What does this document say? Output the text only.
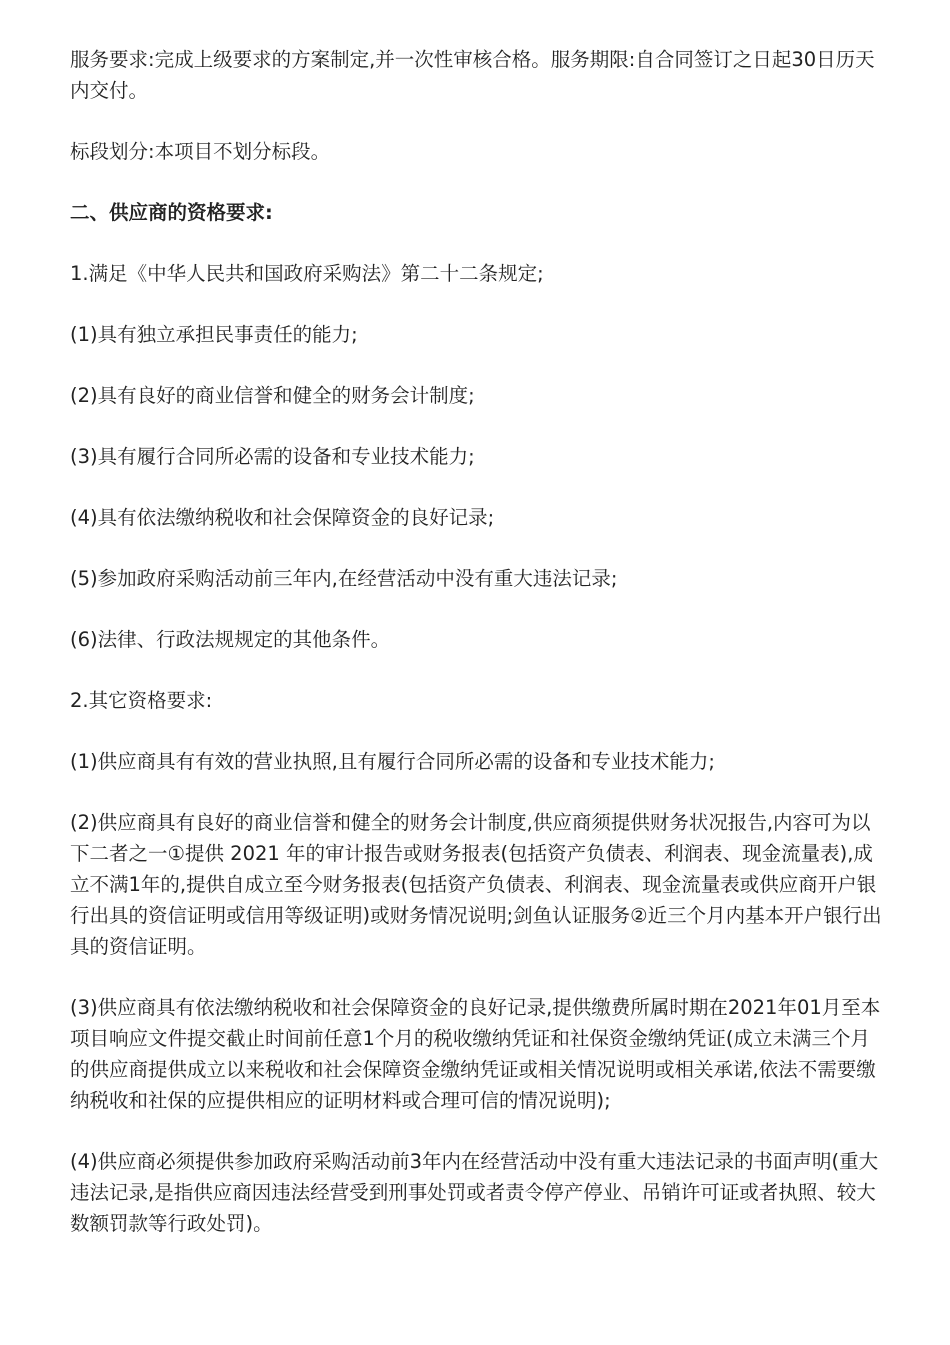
服务要求:完成上级要求的方案制定,并一次性审核合格。服务期限:自合同签订之日起30日历天内交付。

标段划分:本项目不划分标段。

二、供应商的资格要求:

1.满足《中华人民共和国政府采购法》第二十二条规定;

(1)具有独立承担民事责任的能力;

(2)具有良好的商业信誉和健全的财务会计制度;

(3)具有履行合同所必需的设备和专业技术能力;

(4)具有依法缴纳税收和社会保障资金的良好记录;

(5)参加政府采购活动前三年内,在经营活动中没有重大违法记录;

(6)法律、行政法规规定的其他条件。

2.其它资格要求:

(1)供应商具有有效的营业执照,且有履行合同所必需的设备和专业技术能力;

(2)供应商具有良好的商业信誉和健全的财务会计制度,供应商须提供财务状况报告,内容可为以下二者之一①提供 2021 年的审计报告或财务报表(包括资产负债表、利润表、现金流量表),成立不满1年的,提供自成立至今财务报表(包括资产负债表、利润表、现金流量表或供应商开户银行出具的资信证明或信用等级证明)或财务情况说明;剑鱼认证服务②近三个月内基本开户银行出具的资信证明。

(3)供应商具有依法缴纳税收和社会保障资金的良好记录,提供缴费所属时期在2021年01月至本项目响应文件提交截止时间前任意1个月的税收缴纳凭证和社保资金缴纳凭证(成立未满三个月的供应商提供成立以来税收和社会保障资金缴纳凭证或相关情况说明或相关承诺,依法不需要缴纳税收和社保的应提供相应的证明材料或合理可信的情况说明);

(4)供应商必须提供参加政府采购活动前3年内在经营活动中没有重大违法记录的书面声明(重大违法记录,是指供应商因违法经营受到刑事处罚或者责令停产停业、吊销许可证或者执照、较大数额罚款等行政处罚)。
